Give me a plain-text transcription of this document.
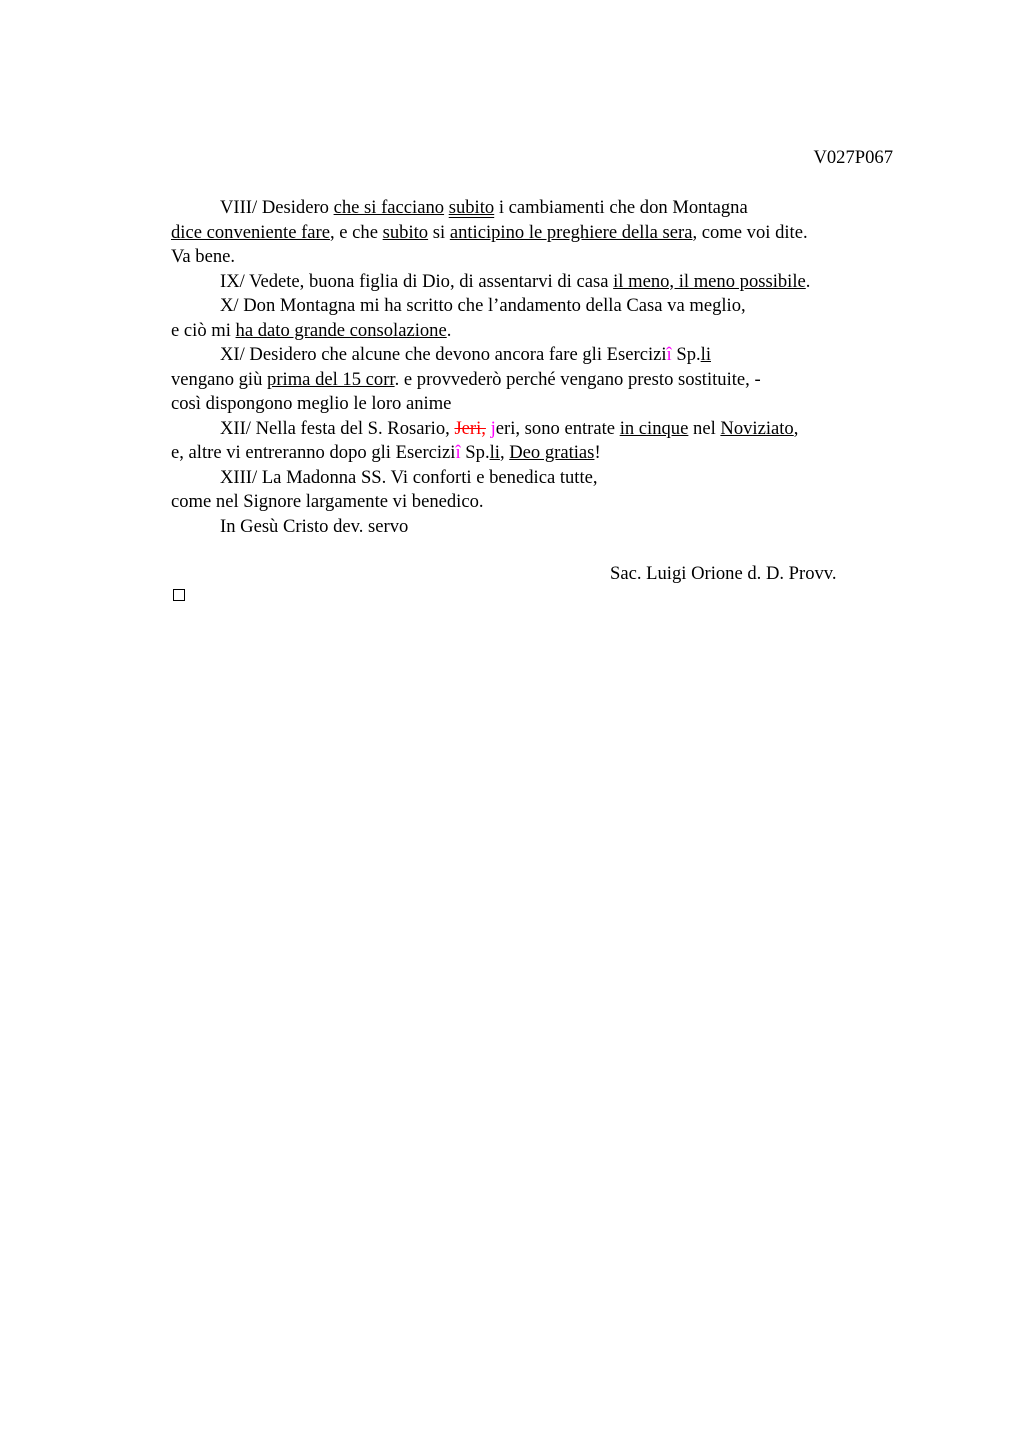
V027P067
VIII/ Desidero che si facciano subito i cambiamenti che don Montagna
dice conveniente fare, e che subito si anticipino le preghiere della sera, come voi dite.
Va bene.
IX/ Vedete, buona figlia di Dio, di assentarvi di casa il meno, il meno possibile.
X/ Don Montagna mi ha scritto che l’andamento della Casa va meglio,
e ciò mi ha dato grande consolazione.
XI/ Desidero che alcune che devono ancora fare gli Eserciziî Sp.li
vengano giù prima del 15 corr. e provvederò perché vengano presto sostituite, -
così dispongono meglio le loro anime
XII/ Nella festa del S. Rosario, Jeri, jeri, sono entrate in cinque nel Noviziato,
e, altre vi entreranno dopo gli Eserciziî Sp.li, Deo gratias!
XIII/ La Madonna SS. Vi conforti e benedica tutte,
come nel Signore largamente vi benedico.
In Gesù Cristo dev. servo
Sac. Luigi Orione d. D. Provv.
